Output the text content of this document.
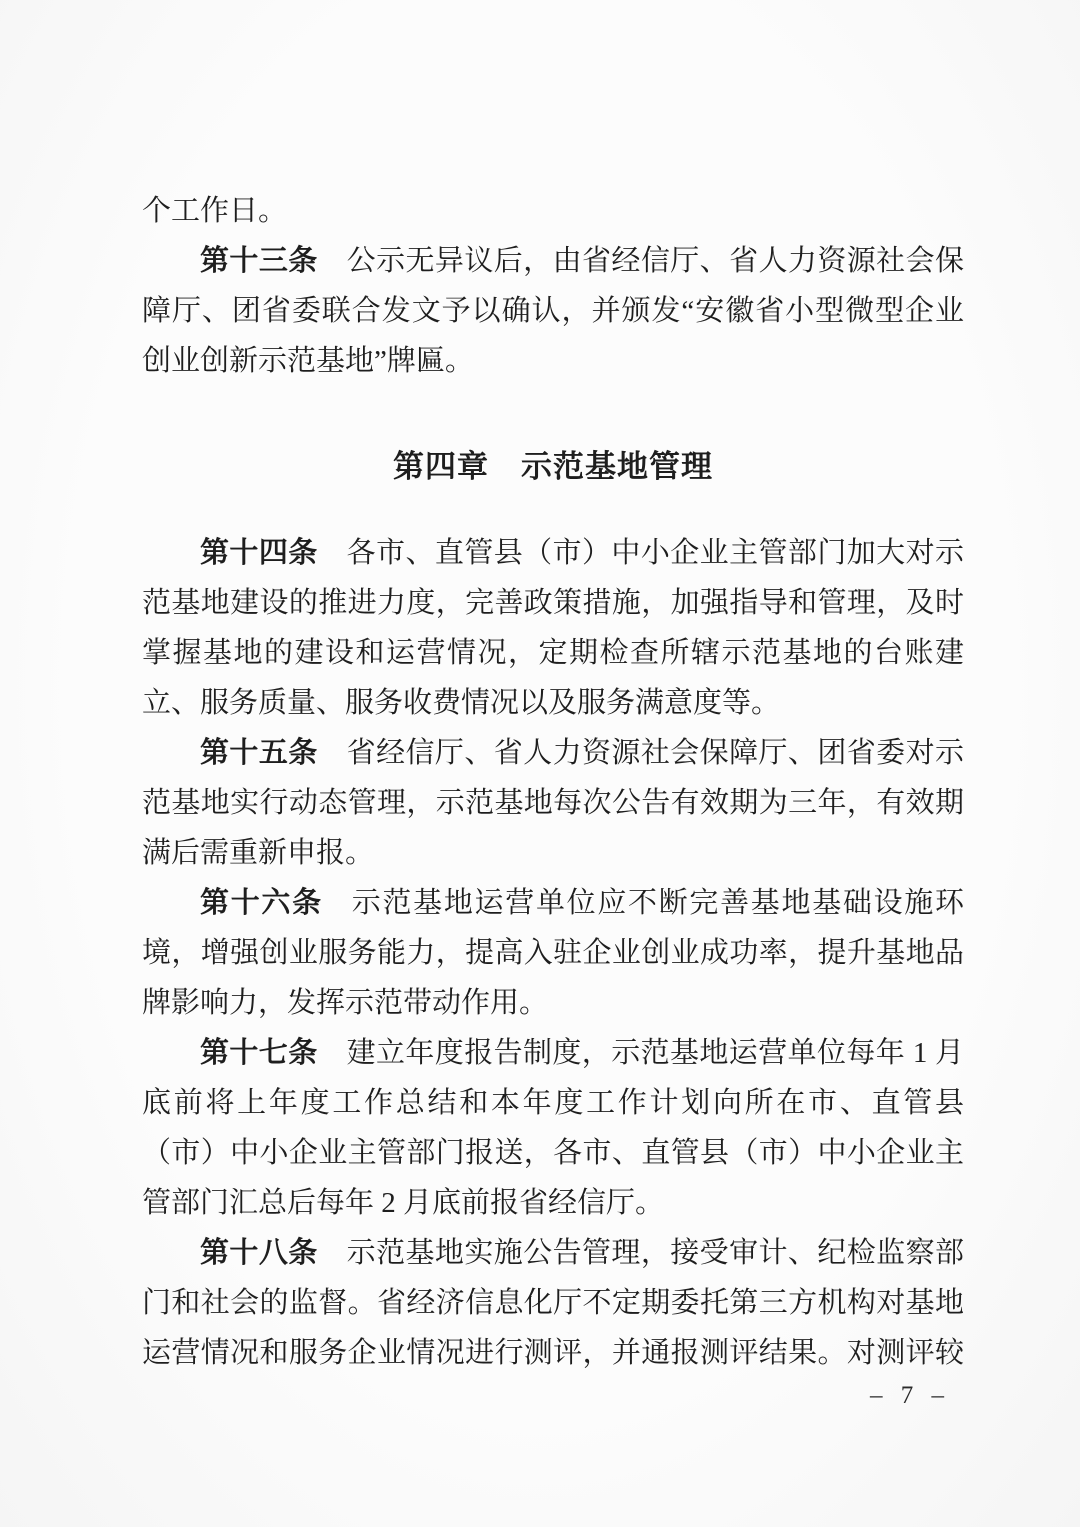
个工作日。

第十三条 公示无异议后，由省经信厅、省人力资源社会保障厅、团省委联合发文予以确认，并颁发“安徽省小型微型企业创业创新示范基地”牌匾。

第四章　示范基地管理

第十四条 各市、直管县（市）中小企业主管部门加大对示范基地建设的推进力度，完善政策措施，加强指导和管理，及时掌握基地的建设和运营情况，定期检查所辖示范基地的台账建立、服务质量、服务收费情况以及服务满意度等。

第十五条 省经信厅、省人力资源社会保障厅、团省委对示范基地实行动态管理，示范基地每次公告有效期为三年，有效期满后需重新申报。

第十六条 示范基地运营单位应不断完善基地基础设施环境，增强创业服务能力，提高入驻企业创业成功率，提升基地品牌影响力，发挥示范带动作用。

第十七条 建立年度报告制度，示范基地运营单位每年 1 月底前将上年度工作总结和本年度工作计划向所在市、直管县（市）中小企业主管部门报送，各市、直管县（市）中小企业主管部门汇总后每年 2 月底前报省经信厅。

第十八条 示范基地实施公告管理，接受审计、纪检监察部门和社会的监督。省经济信息化厅不定期委托第三方机构对基地运营情况和服务企业情况进行测评，并通报测评结果。对测评较

– 7 –
